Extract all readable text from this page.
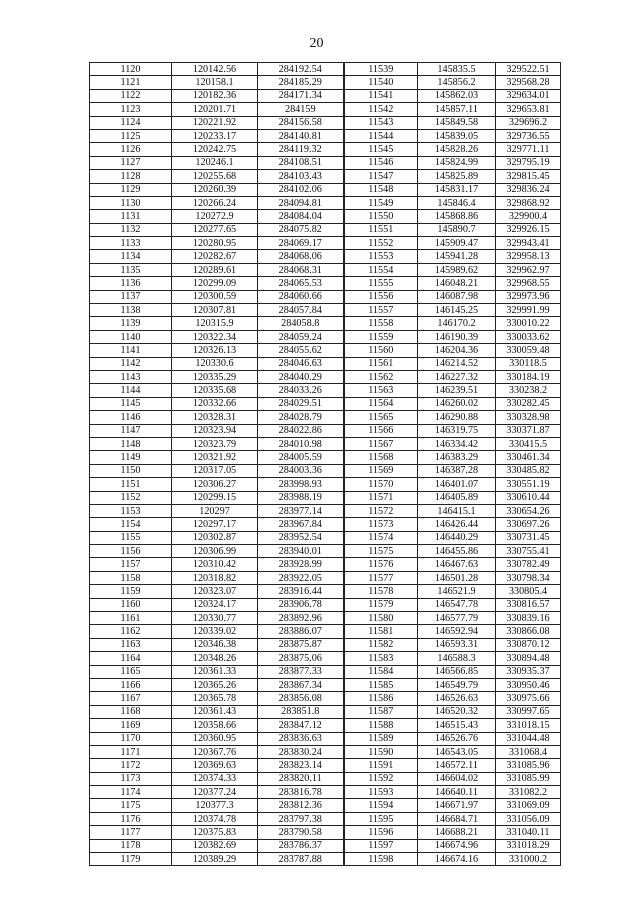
20
1120	120142.56	284192.54	11539	145835.5	329522.51
1121	120158.1	284185.29	11540	145856.2	329568.28
1122	120182.36	284171.34	11541	145862.03	329634.01
1123	120201.71	284159	11542	145857.11	329653.81
1124	120221.92	284156.58	11543	145849.58	329696.2
1125	120233.17	284140.81	11544	145839.05	329736.55
1126	120242.75	284119.32	11545	145828.26	329771.11
1127	120246.1	284108.51	11546	145824.99	329795.19
1128	120255.68	284103.43	11547	145825.89	329815.45
1129	120260.39	284102.06	11548	145831.17	329836.24
1130	120266.24	284094.81	11549	145846.4	329868.92
1131	120272.9	284084.04	11550	145868.86	329900.4
1132	120277.65	284075.82	11551	145890.7	329926.15
1133	120280.95	284069.17	11552	145909.47	329943.41
1134	120282.67	284068.06	11553	145941.28	329958.13
1135	120289.61	284068.31	11554	145989.62	329962.97
1136	120299.09	284065.53	11555	146048.21	329968.55
1137	120300.59	284060.66	11556	146087.98	329973.96
1138	120307.81	284057.84	11557	146145.25	329991.99
1139	120315.9	284058.8	11558	146170.2	330010.22
1140	120322.34	284059.24	11559	146190.39	330033.62
1141	120326.13	284055.62	11560	146204.36	330059.48
1142	120330.6	284046.63	11561	146214.52	330118.5
1143	120335.29	284040.29	11562	146227.32	330184.19
1144	120335.68	284033.26	11563	146239.51	330238.2
1145	120332.66	284029.51	11564	146260.02	330282.45
1146	120328.31	284028.79	11565	146290.88	330328.98
1147	120323.94	284022.86	11566	146319.75	330371.87
1148	120323.79	284010.98	11567	146334.42	330415.5
1149	120321.92	284005.59	11568	146383.29	330461.34
1150	120317.05	284003.36	11569	146387.28	330485.82
1151	120306.27	283998.93	11570	146401.07	330551.19
1152	120299.15	283988.19	11571	146405.89	330610.44
1153	120297	283977.14	11572	146415.1	330654.26
1154	120297.17	283967.84	11573	146426.44	330697.26
1155	120302.87	283952.54	11574	146440.29	330731.45
1156	120306.99	283940.01	11575	146455.86	330755.41
1157	120310.42	283928.99	11576	146467.63	330782.49
1158	120318.82	283922.05	11577	146501.28	330798.34
1159	120323.07	283916.44	11578	146521.9	330805.4
1160	120324.17	283906.78	11579	146547.78	330816.57
1161	120330.77	283892.96	11580	146577.79	330839.16
1162	120339.02	283886.07	11581	146592.94	330866.08
1163	120346.38	283875.87	11582	146593.31	330870.12
1164	120348.26	283875.06	11583	146588.3	330894.48
1165	120361.33	283877.33	11584	146566.85	330935.37
1166	120365.26	283867.34	11585	146549.79	330950.46
1167	120365.78	283856.08	11586	146526.63	330975.66
1168	120361.43	283851.8	11587	146520.32	330997.65
1169	120358.66	283847.12	11588	146515.43	331018.15
1170	120360.95	283836.63	11589	146526.76	331044.48
1171	120367.76	283830.24	11590	146543.05	331068.4
1172	120369.63	283823.14	11591	146572.11	331085.96
1173	120374.33	283820.11	11592	146604.02	331085.99
1174	120377.24	283816.78	11593	146640.11	331082.2
1175	120377.3	283812.36	11594	146671.97	331069.09
1176	120374.78	283797.38	11595	146684.71	331056.09
1177	120375.83	283790.58	11596	146688.21	331040.11
1178	120382.69	283786.37	11597	146674.96	331018.29
1179	120389.29	283787.88	11598	146674.16	331000.2
